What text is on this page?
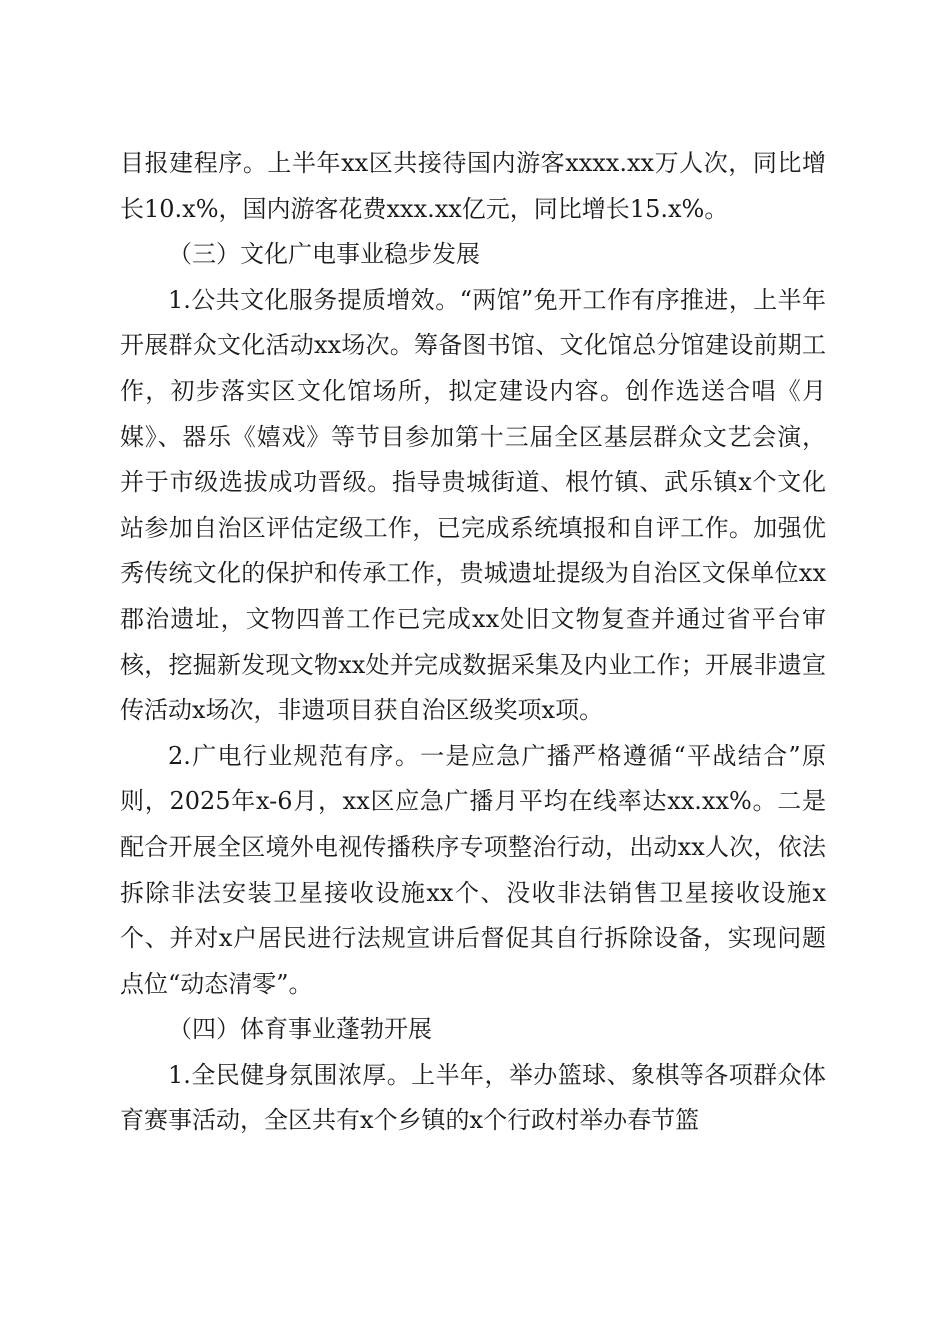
目报建程序。上半年xx区共接待国内游客xxxx.xx万人次，同比增长10.x%，国内游客花费xxx.xx亿元，同比增长15.x%。

（三）文化广电事业稳步发展

1.公共文化服务提质增效。“两馆”免开工作有序推进，上半年开展群众文化活动xx场次。筹备图书馆、文化馆总分馆建设前期工作，初步落实区文化馆场所，拟定建设内容。创作选送合唱《月媒》、器乐《嬉戏》等节目参加第十三届全区基层群众文艺会演，并于市级选拔成功晋级。指导贵城街道、根竹镇、武乐镇x个文化站参加自治区评估定级工作，已完成系统填报和自评工作。加强优秀传统文化的保护和传承工作，贵城遗址提级为自治区文保单位xx郡治遗址，文物四普工作已完成xx处旧文物复查并通过省平台审核，挖掘新发现文物xx处并完成数据采集及内业工作；开展非遗宣传活动x场次，非遗项目获自治区级奖项x项。

2.广电行业规范有序。一是应急广播严格遵循“平战结合”原则，2025年x-6月，xx区应急广播月平均在线率达xx.xx%。二是配合开展全区境外电视传播秩序专项整治行动，出动xx人次，依法拆除非法安装卫星接收设施xx个、没收非法销售卫星接收设施x个、并对x户居民进行法规宣讲后督促其自行拆除设备，实现问题点位“动态清零”。

（四）体育事业蓬勃开展

1.全民健身氛围浓厚。上半年，举办篮球、象棋等各项群众体育赛事活动，全区共有x个乡镇的x个行政村举办春节篮
